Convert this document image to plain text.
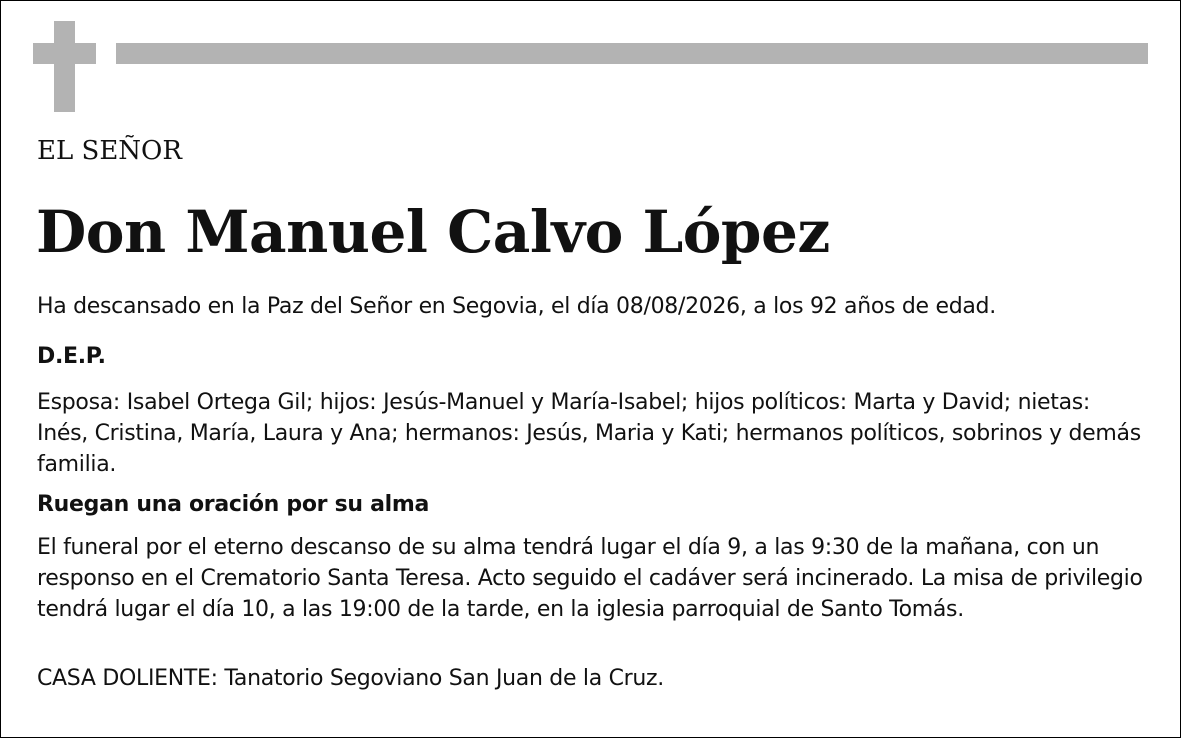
EL SEÑOR
Don Manuel Calvo López

Ha descansado en la Paz del Señor en Segovia, el día 08/08/2026, a los 92 años de edad.

D.E.P.

Esposa: Isabel Ortega Gil; hijos: Jesús-Manuel y María-Isabel; hijos políticos: Marta y David; nietas: Inés, Cristina, María, Laura y Ana; hermanos: Jesús, Maria y Kati; hermanos políticos, sobrinos y demás familia.

Ruegan una oración por su alma

El funeral por el eterno descanso de su alma tendrá lugar el día 9, a las 9:30 de la mañana, con un responso en el Crematorio Santa Teresa. Acto seguido el cadáver será incinerado. La misa de privilegio tendrá lugar el día 10, a las 19:00 de la tarde, en la iglesia parroquial de Santo Tomás.

CASA DOLIENTE: Tanatorio Segoviano San Juan de la Cruz.
